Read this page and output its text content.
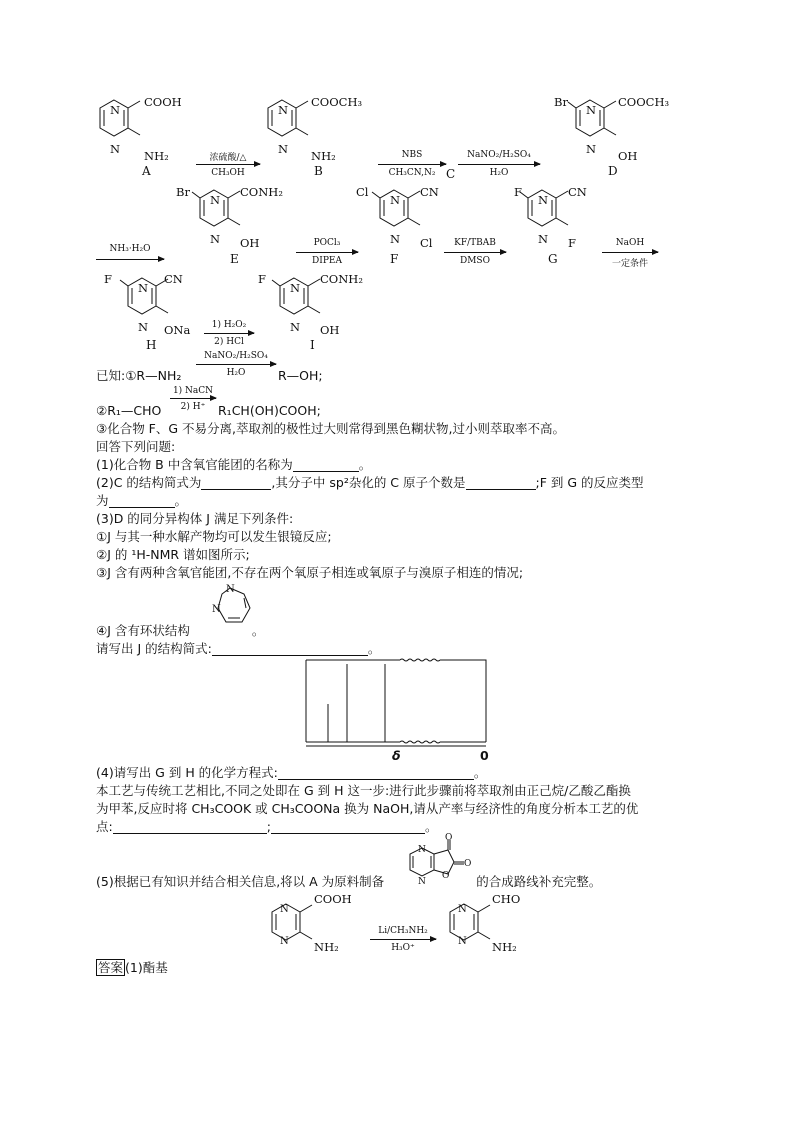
N
N
N
N
N
N
N
N
N
N
N
N
N
N
N
N
COOH
NH₂
A
浓硫酸/△
CH₃OH
COOCH₃
NH₂
B
NBS
CH₃CN,N₂ C
NaNO₂/H₂SO₄
H₂O
Br	COOCH₃
OH
D
NH₃·H₂O
Br	CONH₂
OH
E
POCl₃
DIPEA
Cl	CN
Cl
F
KF/TBAB
DMSO
F	CN
F
G
NaOH
一定条件
F	CN
ONa
H
1) H₂O₂
2) HCl
F	CONH₂
OH
I
NaNO₂/H₂SO₄
H₂O
已知:①R—NH₂	R—OH;
1) NaCN
2) H⁺
②R₁—CHO	R₁CH(OH)COOH;
③化合物 F、G 不易分离,萃取剂的极性过大则常得到黑色糊状物,过小则萃取率不高。
回答下列问题:
(1)化合物 B 中含氧官能团的名称为	。
(2)C 的结构简式为	,其分子中 sp²杂化的 C 原子个数是	;F 到 G 的反应类型
为	。
(3)D 的同分异构体 J 满足下列条件:
①J 与其一种水解产物均可以发生银镜反应;
②J 的 ¹H-NMR 谱如图所示;
③J 含有两种含氧官能团,不存在两个氧原子相连或氧原子与溴原子相连的情况;
N
N
④J 含有环状结构	。
请写出 J 的结构简式:	。
δ	0
(4)请写出 G 到 H 的化学方程式:	。
本工艺与传统工艺相比,不同之处即在 G 到 H 这一步:进行此步骤前将萃取剂由正己烷/乙酸乙酯换
为甲苯,反应时将 CH₃COOK 或 CH₃COONa 换为 NaOH,请从产率与经济性的角度分析本工艺的优
点:	;	。
N
N
O
O
O
(5)根据已有知识并结合相关信息,将以 A 为原料制备	的合成路线补充完整。
N
N
N
N
COOH
NH₂
Li/CH₃NH₂
H₃O⁺
CHO
NH₂
答案 (1)酯基
